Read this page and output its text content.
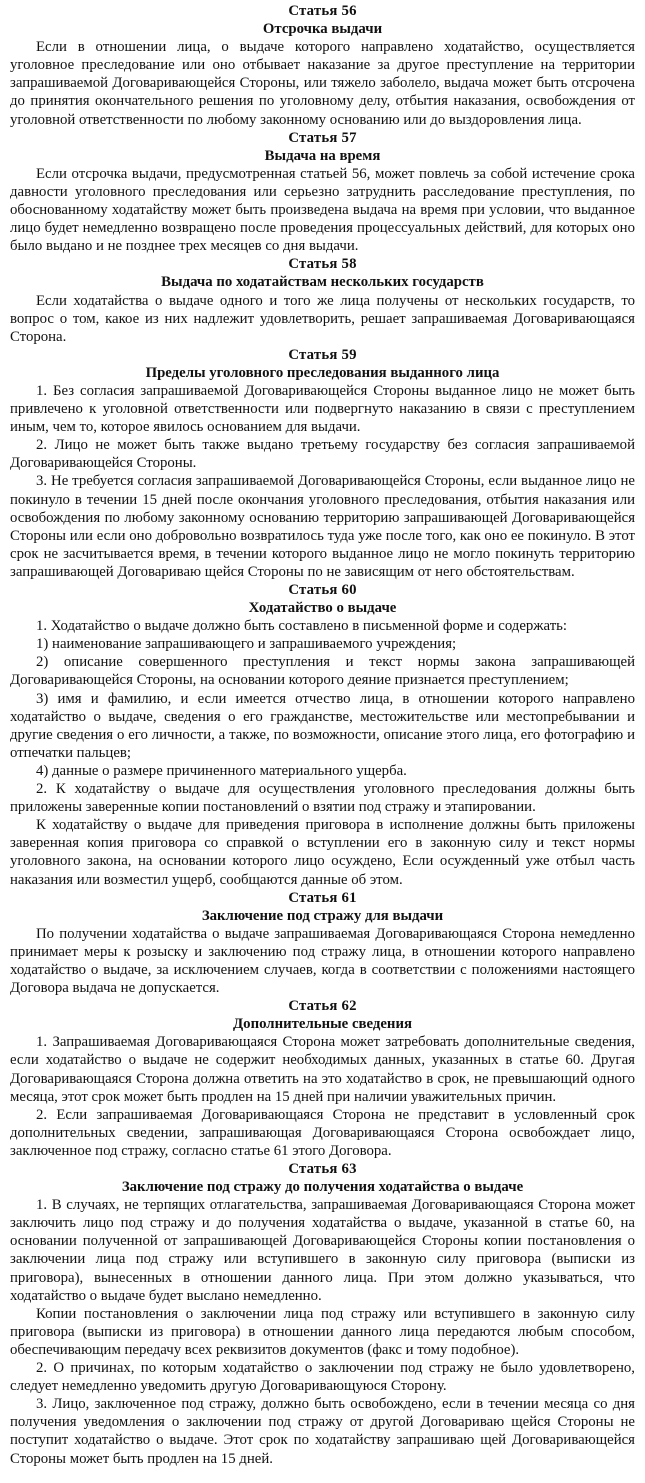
Статья 56

Отсрочка выдачи

Если в отношении лица, о выдаче которого направлено ходатайство, осуществляется уголовное преследование или оно отбывает наказание за другое преступление на территории запрашиваемой Договаривающейся Стороны, или тяжело заболело, выдача может быть отсрочена до принятия окончательного решения по уголовному делу, отбытия наказания, освобождения от уголовной ответственности по любому законному основанию или до выздоровления лица.

Статья 57

Выдача на время

Если отсрочка выдачи, предусмотренная статьей 56, может повлечь за собой истечение срока давности уголовного преследования или серьезно затруднить расследование преступления, по обоснованному ходатайству может быть произведена выдача на время при условии, что выданное лицо будет немедленно возвращено после проведения процессуальных действий, для которых оно было выдано и не позднее трех месяцев со дня выдачи.

Статья 58

Выдача по ходатайствам нескольких государств

Если ходатайства о выдаче одного и того же лица получены от нескольких государств, то вопрос о том, какое из них надлежит удовлетворить, решает запрашиваемая Договаривающаяся Сторона.

Статья 59

Пределы уголовного преследования выданного лица

1. Без согласия запрашиваемой Договаривающейся Стороны выданное лицо не может быть привлечено к уголовной ответственности или подвергнуто наказанию в связи с преступлением иным, чем то, которое явилось основанием для выдачи.

2. Лицо не может быть также выдано третьему государству без согласия запрашиваемой Договаривающейся Стороны.

3. Не требуется согласия запрашиваемой Договаривающейся Стороны, если выданное лицо не покинуло в течении 15 дней после окончания уголовного преследования, отбытия наказания или освобождения по любому законному основанию территорию запрашивающей Договаривающейся Стороны или если оно добровольно возвратилось туда уже после того, как оно ее покинуло. В этот срок не засчитывается время, в течении которого выданное лицо не могло покинуть территорию запрашивающей Договариваю щейся Стороны по не зависящим от него обстоятельствам.

Статья 60

Ходатайство о выдаче

1. Ходатайство о выдаче должно быть составлено в письменной форме и содержать:

1) наименование запрашивающего и запрашиваемого учреждения;

2) описание совершенного преступления и текст нормы закона запрашивающей Договаривающейся Стороны, на основании которого деяние признается преступлением;

3) имя и фамилию, и если имеется отчество лица, в отношении которого направлено ходатайство о выдаче, сведения о его гражданстве, местожительстве или местопребывании и другие сведения о его личности, а также, по возможности, описание этого лица, его фотографию и отпечатки пальцев;

4) данные о размере причиненного материального ущерба.

2. К ходатайству о выдаче для осуществления уголовного преследования должны быть приложены заверенные копии постановлений о взятии под стражу и этапировании.

К ходатайству о выдаче для приведения приговора в исполнение должны быть приложены заверенная копия приговора со справкой о вступлении его в законную силу и текст нормы уголовного закона, на основании которого лицо осуждено, Если осужденный уже отбыл часть наказания или возместил ущерб, сообщаются данные об этом.

Статья 61

Заключение под стражу для выдачи

По получении ходатайства о выдаче запрашиваемая Договаривающаяся Сторона немедленно принимает меры к розыску и заключению под стражу лица, в отношении которого направлено ходатайство о выдаче, за исключением случаев, когда в соответствии с положениями настоящего Договора выдача не допускается.

Статья 62

Дополнительные сведения

1. Запрашиваемая Договаривающаяся Сторона может затребовать дополнительные сведения, если ходатайство о выдаче не содержит необходимых данных, указанных в статье 60. Другая Договаривающаяся Сторона должна ответить на это ходатайство в срок, не превышающий одного месяца, этот срок может быть продлен на 15 дней при наличии уважительных причин.

2. Если запрашиваемая Договаривающаяся Сторона не представит в условленный срок дополнительных сведении, запрашивающая Договаривающаяся Сторона освобождает лицо, заключенное под стражу, согласно статье 61 этого Договора.

Статья 63

Заключение под стражу до получения ходатайства о выдаче

1. В случаях, не терпящих отлагательства, запрашиваемая Договаривающаяся Сторона может заключить лицо под стражу и до получения ходатайства о выдаче, указанной в статье 60, на основании полученной от запрашивающей Договаривающейся Стороны копии постановления о заключении лица под стражу или вступившего в законную силу приговора (выписки из приговора), вынесенных в отношении данного лица. При этом должно указываться, что ходатайство о выдаче будет выслано немедленно.

Копии постановления о заключении лица под стражу или вступившего в законную силу приговора (выписки из приговора) в отношении данного лица передаются любым способом, обеспечивающим передачу всех реквизитов документов (факс и тому подобное).

2. О причинах, по которым ходатайство о заключении под стражу не было удовлетворено, следует немедленно уведомить другую Договаривающуюся Сторону.

3. Лицо, заключенное под стражу, должно быть освобождено, если в течении месяца со дня получения уведомления о заключении под стражу от другой Договариваю щейся Стороны не поступит ходатайство о выдаче. Этот срок по ходатайству запрашиваю щей Договаривающейся Стороны может быть продлен на 15 дней.
